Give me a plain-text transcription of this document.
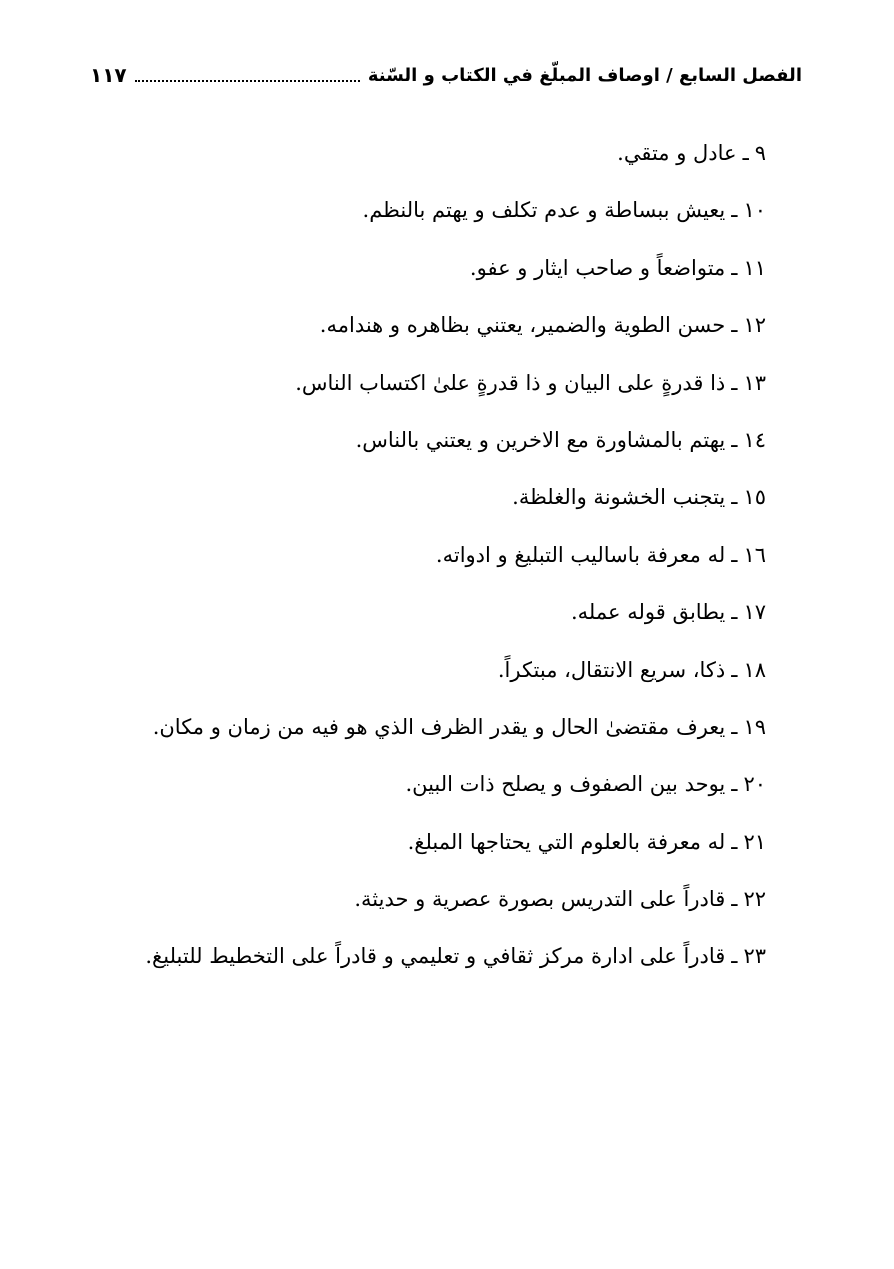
الفصل السابع / اوصاف المبلّغ في الكتاب و السّنة
١١٧
٩ـعادل و متقي.
١٠ـيعيش ببساطة و عدم تكلف و يهتم بالنظم.
١١ـمتواضعاً و صاحب ايثار و عفو.
١٢ـحسن الطوية والضمير، يعتني بظاهره و هندامه.
١٣ـذا قدرةٍ على البيان و ذا قدرةٍ علىٰ اكتساب الناس.
١٤ـيهتم بالمشاورة مع الاخرين و يعتني بالناس.
١٥ـيتجنب الخشونة والغلظة.
١٦ـله معرفة باساليب التبليغ و ادواته.
١٧ـيطابق قوله عمله.
١٨ـذكا، سريع الانتقال، مبتكراً.
١٩ـيعرف مقتضىٰ الحال و يقدر الظرف الذي هو فيه من زمان و مكان.
٢٠ـيوحد بين الصفوف و يصلح ذات البين.
٢١ـله معرفة بالعلوم التي يحتاجها المبلغ.
٢٢ـقادراً على التدريس بصورة عصرية و حديثة.
٢٣ـقادراً على ادارة مركز ثقافي و تعليمي و قادراً على التخطيط للتبليغ.
